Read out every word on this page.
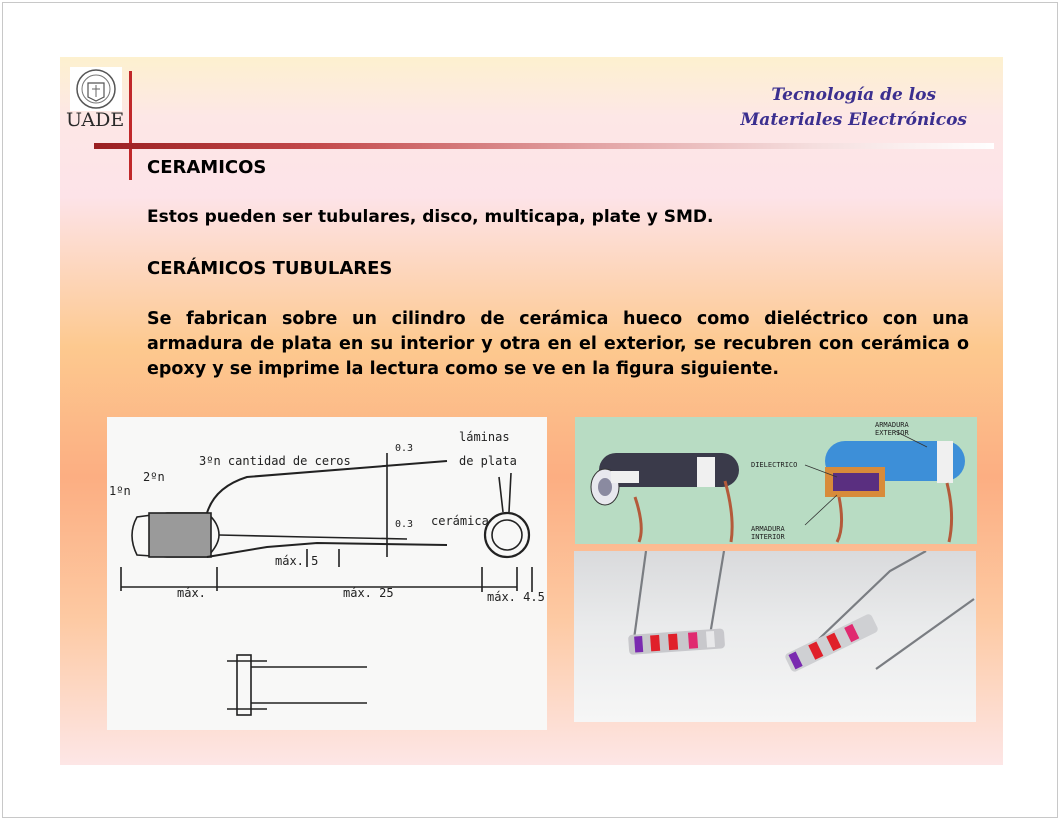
UADE
Tecnología de los
Materiales Electrónicos
CERAMICOS
Estos pueden ser tubulares, disco, multicapa, plate y SMD.
CERÁMICOS TUBULARES
Se fabrican sobre un cilindro de cerámica hueco como dieléctrico con una armadura de plata en su interior y otra en el exterior, se recubren con cerámica o epoxy y se imprime la lectura como se ve en la figura siguiente.
1ºn
2ºn
3ºn cantidad de ceros
láminas
de plata
cerámica
máx. 5
máx.	máx. 25	máx. 4.5
0.3
0.3
ARMADURA
EXTERIOR
DIELECTRICO
ARMADURA
INTERIOR
